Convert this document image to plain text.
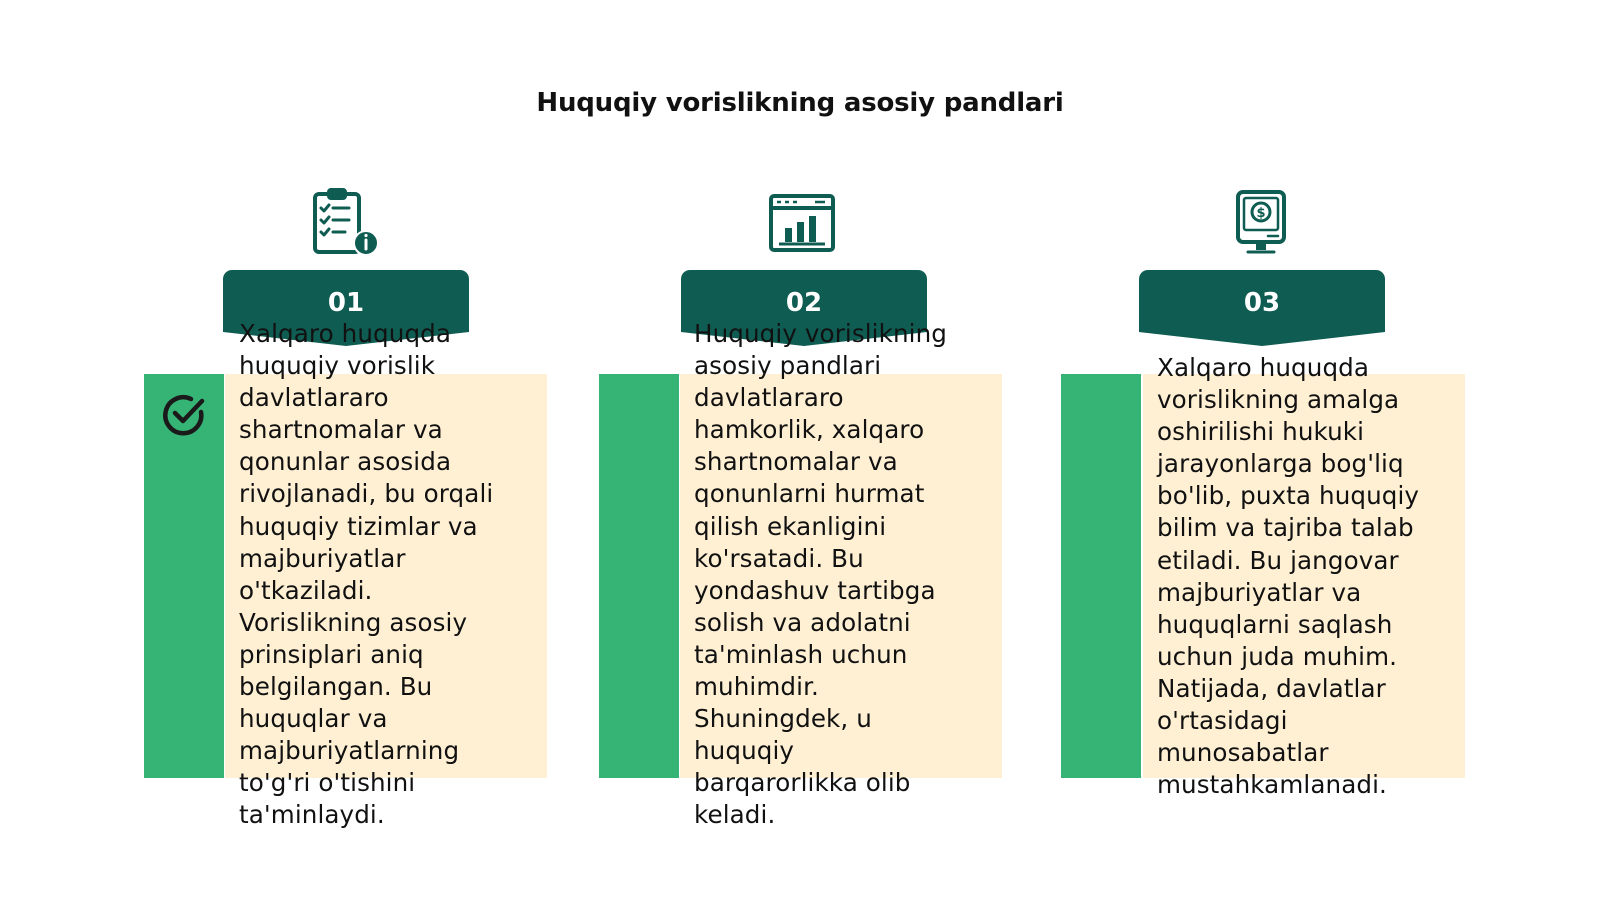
Huquqiy vorislikning asosiy pandlari
01
Xalqaro huquqda
huquqiy vorislik
davlatlararo
shartnomalar va
qonunlar asosida
rivojlanadi, bu orqali
huquqiy tizimlar va
majburiyatlar
o'tkaziladi.
Vorislikning asosiy
prinsiplari aniq
belgilangan. Bu
huquqlar va
majburiyatlarning
to'g'ri o'tishini
ta'minlaydi.
02
Huquqiy vorislikning
asosiy pandlari
davlatlararo
hamkorlik, xalqaro
shartnomalar va
qonunlarni hurmat
qilish ekanligini
ko'rsatadi. Bu
yondashuv tartibga
solish va adolatni
ta'minlash uchun
muhimdir.
Shuningdek, u
huquqiy
barqarorlikka olib
keladi.
$
03
Xalqaro huquqda
vorislikning amalga
oshirilishi hukuki
jarayonlarga bog'liq
bo'lib, puxta huquqiy
bilim va tajriba talab
etiladi. Bu jangovar
majburiyatlar va
huquqlarni saqlash
uchun juda muhim.
Natijada, davlatlar
o'rtasidagi
munosabatlar
mustahkamlanadi.
